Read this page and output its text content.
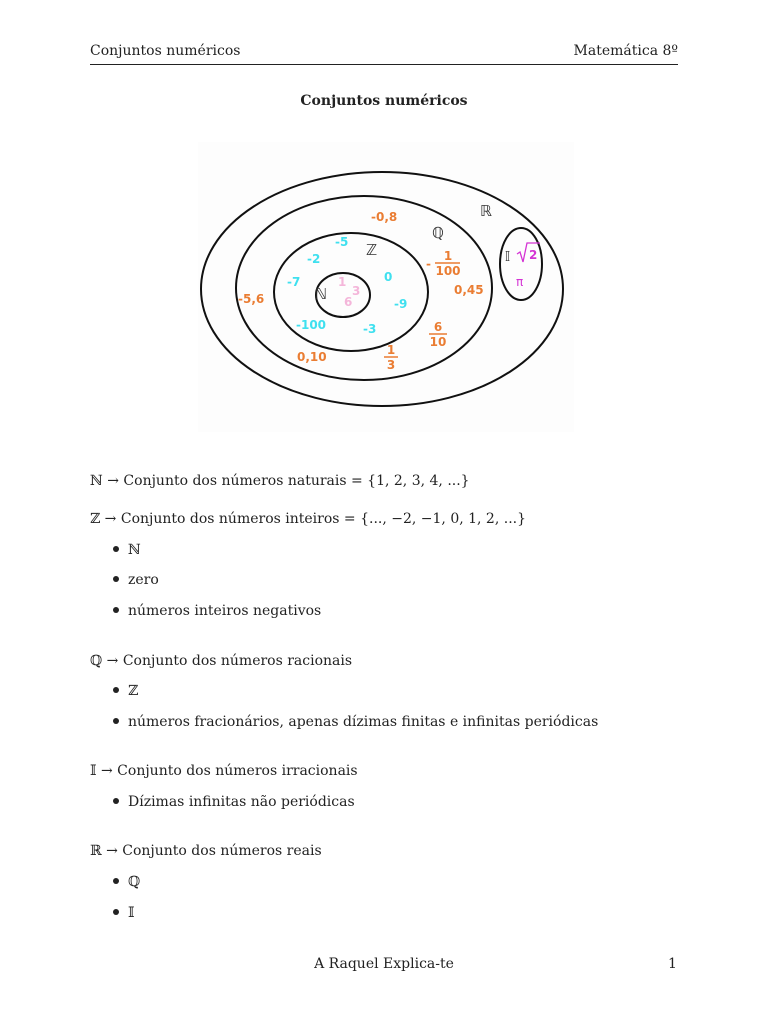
Conjuntos numéricos	Matemática 8º
Conjuntos numéricos
ℝ
ℚ
ℤ
ℕ
𝕀
1
3
6
-5
-2
-7	0
-9
-100	-3
-0,8
-5,6
0,45
0,10
-
1
100
6
10
1
3
2
π
ℕ → Conjunto dos números naturais = {1, 2, 3, 4, ...}
ℤ → Conjunto dos números inteiros = {..., −2, −1, 0, 1, 2, ...}
ℕ
zero
números inteiros negativos
ℚ → Conjunto dos números racionais
ℤ
números fracionários, apenas dízimas finitas e infinitas periódicas
𝕀 → Conjunto dos números irracionais
Dízimas infinitas não periódicas
ℝ → Conjunto dos números reais
ℚ
𝕀
A Raquel Explica-te	1
